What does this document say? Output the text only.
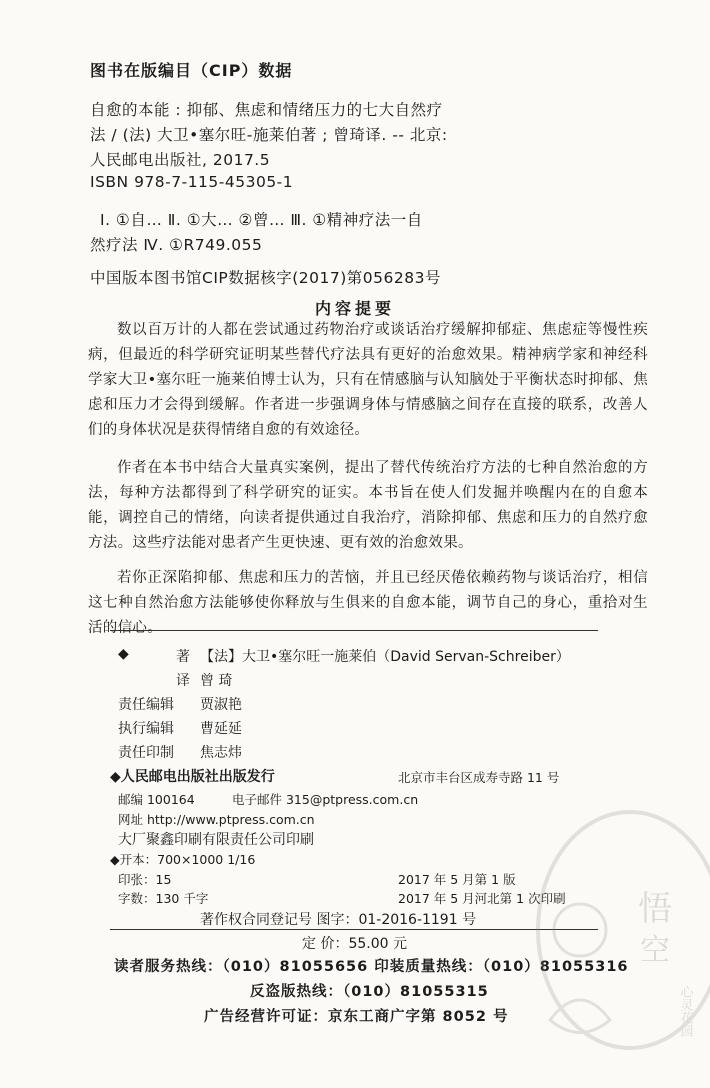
图书在版编目（CIP）数据
自愈的本能 : 抑郁、焦虑和情绪压力的七大自然疗
法 / (法) 大卫•塞尔旺-施莱伯著 ; 曾琦译. -- 北京:
人民邮电出版社, 2017.5
ISBN 978-7-115-45305-1
Ⅰ. ①自… Ⅱ. ①大… ②曾… Ⅲ. ①精神疗法一自
然疗法 Ⅳ. ①R749.055
中国版本图书馆CIP数据核字(2017)第056283号
内容提要

数以百万计的人都在尝试通过药物治疗或谈话治疗缓解抑郁症、焦虑症等慢性疾病，但最近的科学研究证明某些替代疗法具有更好的治愈效果。精神病学家和神经科学家大卫•塞尔旺一施莱伯博士认为，只有在情感脑与认知脑处于平衡状态时抑郁、焦虑和压力才会得到缓解。作者进一步强调身体与情感脑之间存在直接的联系，改善人们的身体状况是获得情绪自愈的有效途径。

作者在本书中结合大量真实案例，提出了替代传统治疗方法的七种自然治愈的方法，每种方法都得到了科学研究的证实。本书旨在使人们发掘并唤醒内在的自愈本能，调控自己的情绪，向读者提供通过自我治疗，消除抑郁、焦虑和压力的自然疗愈方法。这些疗法能对患者产生更快速、更有效的治愈效果。

若你正深陷抑郁、焦虑和压力的苦恼，并且已经厌倦依赖药物与谈话治疗，相信这七种自然治愈方法能够使你释放与生俱来的自愈本能，调节自己的身心，重拾对生活的信心。

◆	著 【法】大卫•塞尔旺一施莱伯（David Servan-Schreiber）
译 曾 琦
责任编辑 贾淑艳
执行编辑 曹延延
责任印制 焦志炜
◆人民邮电出版社出版发行	北京市丰台区成寿寺路 11 号
邮编 100164	电子邮件 315@ptpress.com.cn
网址 http://www.ptpress.com.cn
大厂聚鑫印刷有限责任公司印刷
◆开本：700×1000 1/16
印张：15	2017 年 5 月第 1 版
字数：130 千字	2017 年 5 月河北第 1 次印刷
著作权合同登记号 图字：01-2016-1191 号
定 价：55.00 元
读者服务热线：（010）81055656 印装质量热线：（010）81055316
反盗版热线：（010）81055315
广告经营许可证：京东工商广字第 8052 号
悟
空
心灵花园
